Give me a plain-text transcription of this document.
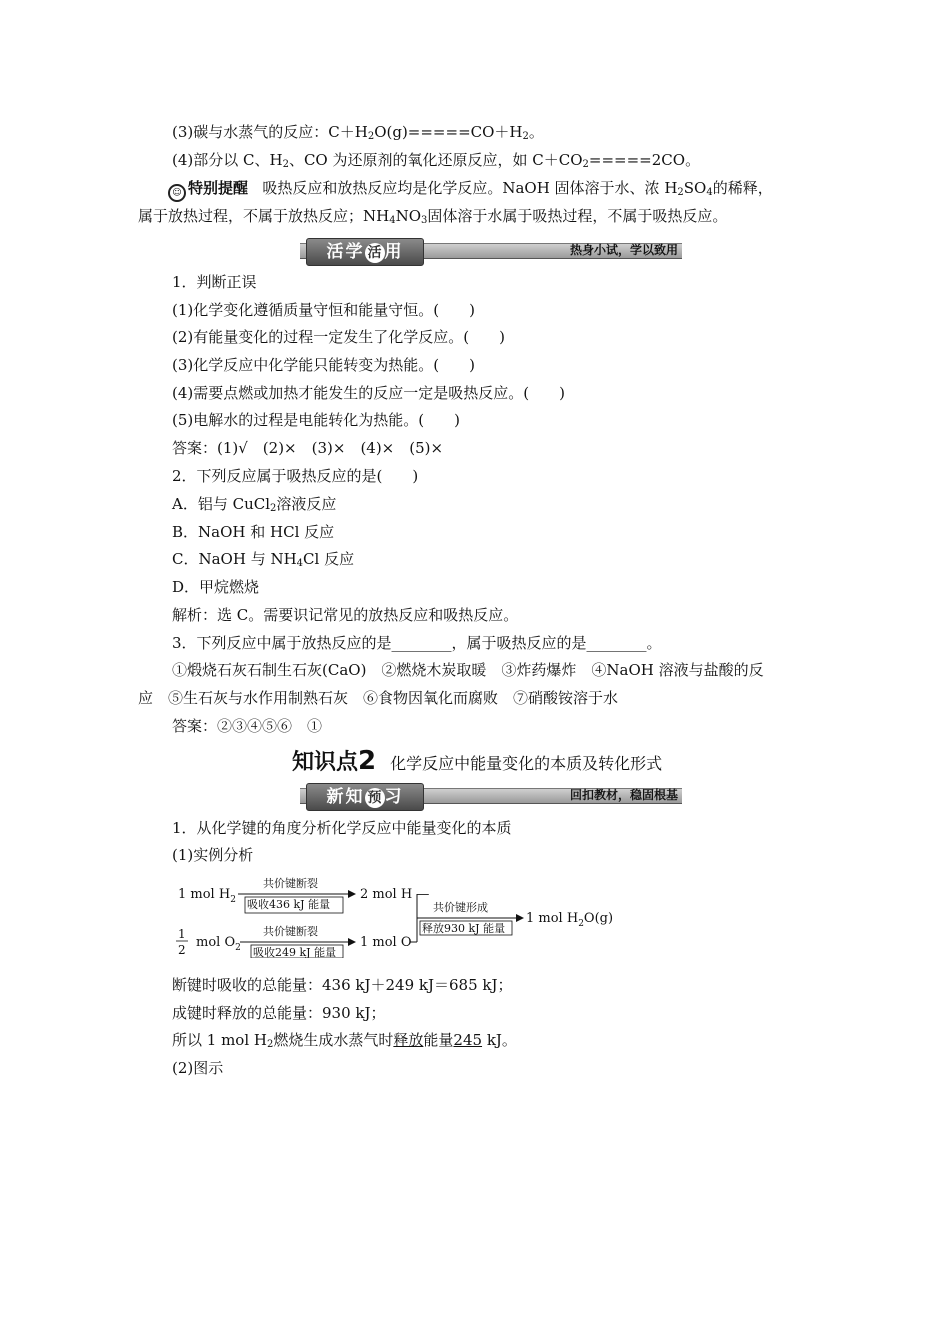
(3)碳与水蒸气的反应：$C+H_2O(g)=====CO+H_2$。
(4)部分以 C、$H_2$、CO 为还原剂的氧化还原反应，如 $C+CO_2=====2CO$。
☺ 特别提醒 吸热反应和放热反应均是化学反应。NaOH 固体溶于水、浓 $H_2SO_4$的稀释，
属于放热过程，不属于放热反应；$NH_4NO_3$固体溶于水属于吸热过程，不属于吸热反应。
活学 活 用	热身小试，学以致用
1．判断正误
(1)化学变化遵循质量守恒和能量守恒。(　　)
(2)有能量变化的过程一定发生了化学反应。(　　)
(3)化学反应中化学能只能转变为热能。(　　)
(4)需要点燃或加热才能发生的反应一定是吸热反应。(　　)
(5)电解水的过程是电能转化为热能。(　　)
答案：(1)√　(2)×　(3)×　(4)×　(5)×
2．下列反应属于吸热反应的是(　　)
A．铝与 CuCl$_2$溶液反应
B．NaOH 和 HCl 反应
C．NaOH 与 $NH_4Cl$ 反应
D．甲烷燃烧
解析：选 C。需要识记常见的放热反应和吸热反应。
3．下列反应中属于放热反应的是________，属于吸热反应的是________。
①煅烧石灰石制生石灰(CaO)　②燃烧木炭取暖　③炸药爆炸　④NaOH 溶液与盐酸的反
应　⑤生石灰与水作用制熟石灰　⑥食物因氧化而腐败　⑦硝酸铵溶于水
答案：②③④⑤⑥　①
知识点2 化学反应中能量变化的本质及转化形式
新知 预 习	回扣教材，稳固根基
1．从化学键的角度分析化学反应中能量变化的本质
(1)实例分析
1 mol $H_2$
共价键断裂
吸收436 kJ 能量
2 mol H —
1
2 mol $O_2$
共价键断裂
吸收249 kJ 能量
1 mol O
共价键形成
释放930 kJ 能量
1 mol $H_2O(g)$
断键时吸收的总能量：436 kJ＋249 kJ＝685 kJ；
成键时释放的总能量：930 kJ；
所以 1 mol $H_2$燃烧生成水蒸气时释放能量245 kJ。
(2)图示
